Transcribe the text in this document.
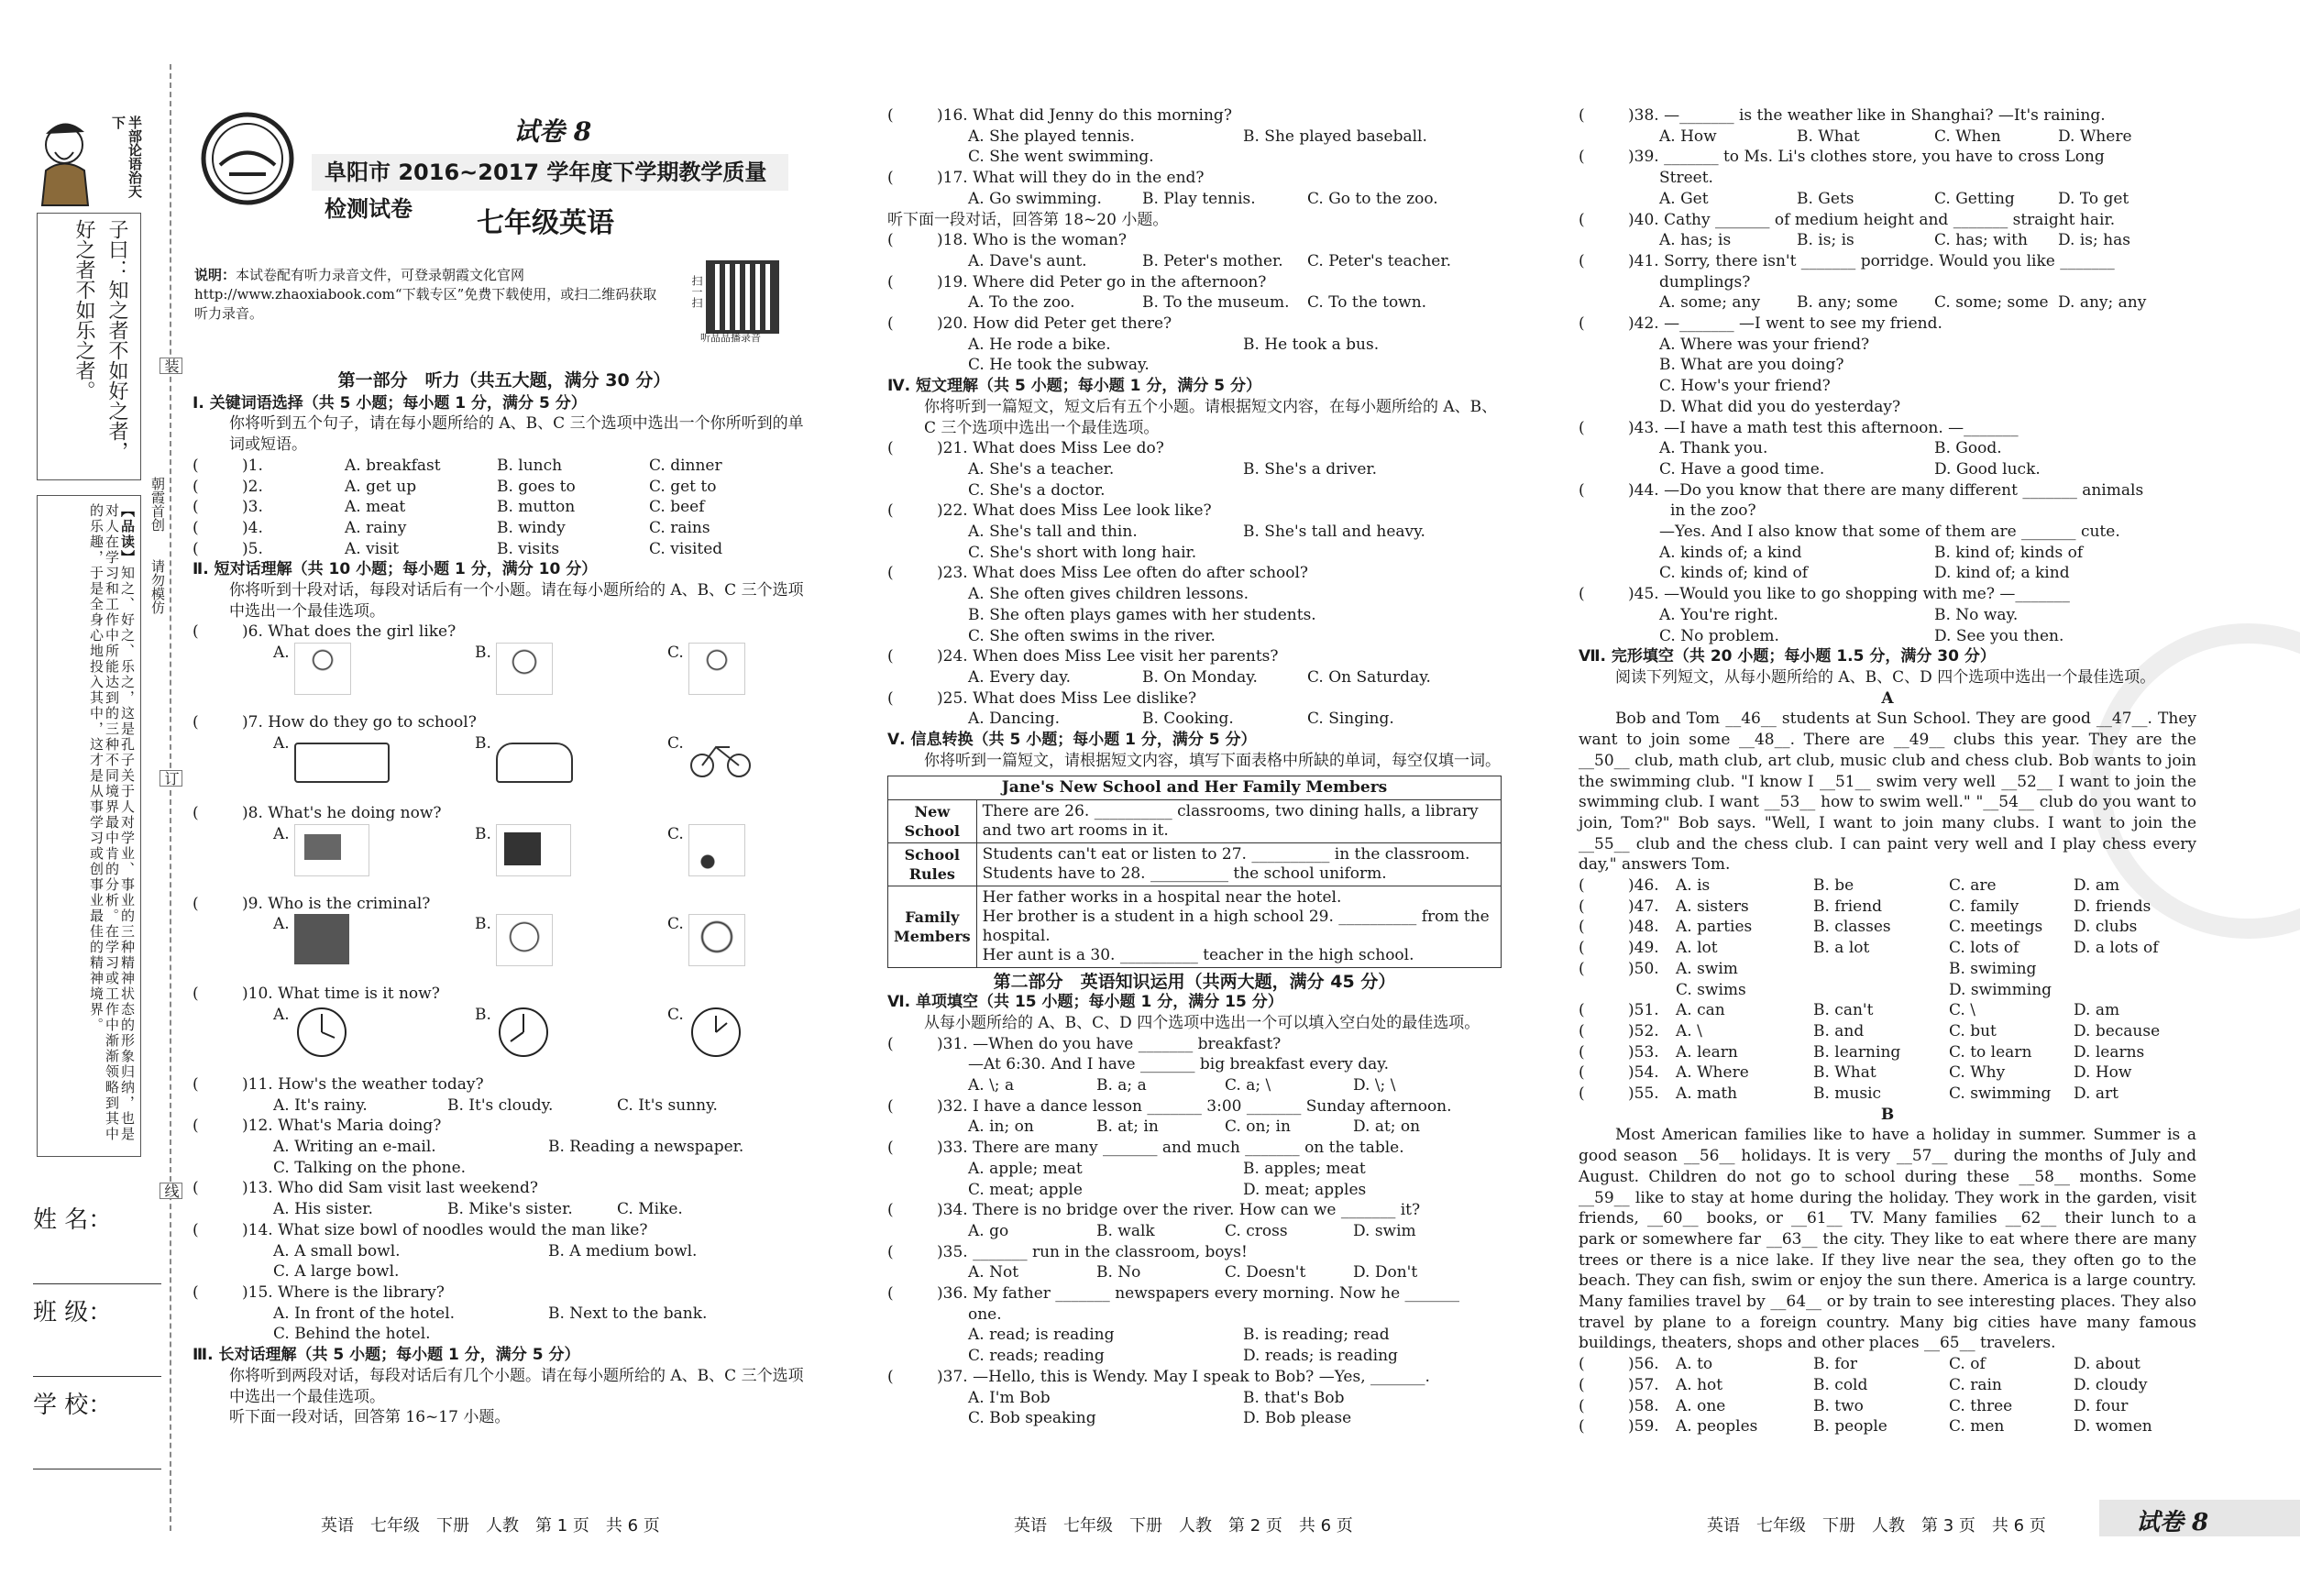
半部论语治天下
子曰：知之者不如好之者，好之者不如乐之者。
【品读】知之、好之、乐之，这是孔子关于人对学业、事业的三种精神状态的形象归纳，也是对人在学习和工作中所能达到的三种不同境界最中肯的分析。在学习或工作中渐渐领略到其中的乐趣，于是全身心地投入其中，这才是从事学习或创事业最佳的精神境界。	朝霞首创
请勿模仿
装
订
线
姓 名：
班 级：
学 校：
试卷 8
阜阳市 2016~2017 学年度下学期教学质量检测试卷	七年级英语
说明：本试卷配有听力录音文件，可登录朝霞文化官网 http://www.zhaoxiabook.com“下载专区”免费下载使用，或扫二维码获取听力录音。
扫一扫
听品品播录音

第一部分　听力（共五大题，满分 30 分）

Ⅰ. 关键词语选择（共 5 小题；每小题 1 分，满分 5 分）

你将听到五个句子，请在每小题所给的 A、B、C 三个选项中选出一个你所听到的单词或短语。

(	)1.	A. breakfast	B. lunch	C. dinner

(	)2.	A. get up	B. goes to	C. get to

(	)3.	A. meat	B. mutton	C. beef

(	)4.	A. rainy	B. windy	C. rains

(	)5.	A. visit	B. visits	C. visited

Ⅱ. 短对话理解（共 10 小题；每小题 1 分，满分 10 分）

你将听到十段对话，每段对话后有一个小题。请在每小题所给的 A、B、C 三个选项中选出一个最佳选项。

(	)6. What does the girl like?

A.	B.	C.

(	)7. How do they go to school?

A.	B.	C.

(	)8. What's he doing now?

A.	B.	C.

(	)9. Who is the criminal?

A.	B.	C.

(	)10. What time is it now?

A.	B.	C.

(	)11. How's the weather today?

A. It's rainy.	B. It's cloudy.	C. It's sunny.

(	)12. What's Maria doing?

A. Writing an e-mail.	B. Reading a newspaper.
C. Talking on the phone.

(	)13. Who did Sam visit last weekend?

A. His sister.	B. Mike's sister.	C. Mike.

(	)14. What size bowl of noodles would the man like?

A. A small bowl.	B. A medium bowl.
C. A large bowl.

(	)15. Where is the library?

A. In front of the hotel.	B. Next to the bank.
C. Behind the hotel.

Ⅲ. 长对话理解（共 5 小题；每小题 1 分，满分 5 分）

你将听到两段对话，每段对话后有几个小题。请在每小题所给的 A、B、C 三个选项中选出一个最佳选项。

听下面一段对话，回答第 16~17 小题。

(	)16. What did Jenny do this morning?

A. She played tennis.	B. She played baseball.
C. She went swimming.

(	)17. What will they do in the end?

A. Go swimming.	B. Play tennis.	C. Go to the zoo.

听下面一段对话，回答第 18~20 小题。

(	)18. Who is the woman?

A. Dave's aunt.	B. Peter's mother.	C. Peter's teacher.

(	)19. Where did Peter go in the afternoon?

A. To the zoo.	B. To the museum.	C. To the town.

(	)20. How did Peter get there?

A. He rode a bike.	B. He took a bus.
C. He took the subway.

Ⅳ. 短文理解（共 5 小题；每小题 1 分，满分 5 分）

你将听到一篇短文，短文后有五个小题。请根据短文内容，在每小题所给的 A、B、C 三个选项中选出一个最佳选项。

(	)21. What does Miss Lee do?

A. She's a teacher.	B. She's a driver.
C. She's a doctor.

(	)22. What does Miss Lee look like?

A. She's tall and thin.	B. She's tall and heavy.
C. She's short with long hair.

(	)23. What does Miss Lee often do after school?

A. She often gives children lessons.
B. She often plays games with her students.
C. She often swims in the river.

(	)24. When does Miss Lee visit her parents?

A. Every day.	B. On Monday.	C. On Saturday.

(	)25. What does Miss Lee dislike?

A. Dancing.	B. Cooking.	C. Singing.

Ⅴ. 信息转换（共 5 小题；每小题 1 分，满分 5 分）

你将听到一篇短文，请根据短文内容，填写下面表格中所缺的单词，每空仅填一词。

Jane's New School and Her Family Members	
New School	There are 26. __________ classrooms, two dining halls, a library
and two art rooms in it.

School Rules	Students can't eat or listen to 27. __________ in the classroom.
Students have to 28. __________ the school uniform.

Family Members	Her father works in a hospital near the hotel.
Her brother is a student in a high school 29. __________ from the hospital.
Her aunt is a 30. __________ teacher in the high school.

第二部分　英语知识运用（共两大题，满分 45 分）

Ⅵ. 单项填空（共 15 小题；每小题 1 分，满分 15 分）

从每小题所给的 A、B、C、D 四个选项中选出一个可以填入空白处的最佳选项。

(	)31. —When do you have _______ breakfast?

—At 6:30. And I have _______ big breakfast every day.

A. \; a	B. a; a	C. a; \	D. \; \

(	)32. I have a dance lesson _______ 3:00 _______ Sunday afternoon.

A. in; on	B. at; in	C. on; in	D. at; on

(	)33. There are many _______ and much _______ on the table.

A. apple; meat	B. apples; meat
C. meat; apple	D. meat; apples

(	)34. There is no bridge over the river. How can we _______ it?

A. go	B. walk	C. cross	D. swim

(	)35. _______ run in the classroom, boys!

A. Not	B. No	C. Doesn't	D. Don't

(	)36. My father _______ newspapers every morning. Now he _______

one.

A. read; is reading	B. is reading; read
C. reads; reading	D. reads; is reading

(	)37. —Hello, this is Wendy. May I speak to Bob? —Yes, _______.

A. I'm Bob	B. that's Bob
C. Bob speaking	D. Bob please

(	)38. —_______ is the weather like in Shanghai? —It's raining.

A. How	B. What	C. When	D. Where

(	)39. _______ to Ms. Li's clothes store, you have to cross Long

Street.

A. Get	B. Gets	C. Getting	D. To get

(	)40. Cathy _______ of medium height and _______ straight hair.

A. has; is	B. is; is	C. has; with	D. is; has

(	)41. Sorry, there isn't _______ porridge. Would you like _______

dumplings?

A. some; any	B. any; some	C. some; some D. any; any

(	)42. —_______ —I went to see my friend.

A. Where was your friend?
B. What are you doing?
C. How's your friend?
D. What did you do yesterday?

(	)43. —I have a math test this afternoon. —_______

A. Thank you.	B. Good.
C. Have a good time.	D. Good luck.

(	)44. —Do you know that there are many different _______ animals

in the zoo?

—Yes. And I also know that some of them are _______ cute.

A. kinds of; a kind	B. kind of; kinds of
C. kinds of; kind of	D. kind of; a kind

(	)45. —Would you like to go shopping with me? —_______

A. You're right.	B. No way.
C. No problem.	D. See you then.

Ⅶ. 完形填空（共 20 小题；每小题 1.5 分，满分 30 分）

阅读下列短文，从每小题所给的 A、B、C、D 四个选项中选出一个最佳选项。

A

Bob and Tom __46__ students at Sun School. They are good __47__. They want to join some __48__. There are __49__ clubs this year. They are the __50__ club, math club, art club, music club and chess club. Bob wants to join the swimming club. "I know I __51__ swim very well __52__ I want to join the swimming club. I want __53__ how to swim well." "__54__ club do you want to join, Tom?" Bob says. "Well, I want to join many clubs. I want to join the __55__ club and the chess club. I can paint very well and I play chess every day," answers Tom.

(	)46.	A. is	B. be	C. are	D. am
(	)47.	A. sisters	B. friend	C. family	D. friends
(	)48.	A. parties	B. classes	C. meetings	D. clubs
(	)49.	A. lot	B. a lot	C. lots of	D. a lots of
(	)50.	A. swim	B. swiming
C. swims	D. swimming
(	)51.	A. can	B. can't	C. \	D. am
(	)52.	A. \	B. and	C. but	D. because
(	)53.	A. learn	B. learning	C. to learn	D. learns
(	)54.	A. Where	B. What	C. Why	D. How
(	)55.	A. math	B. music	C. swimming	D. art

B

Most American families like to have a holiday in summer. Summer is a good season __56__ holidays. It is very __57__ during the months of July and August. Children do not go to school during these __58__ months. Some __59__ like to stay at home during the holiday. They work in the garden, visit friends, __60__ books, or __61__ TV. Many families __62__ their lunch to a park or somewhere far __63__ the city. They like to eat where there are many trees or there is a nice lake. If they live near the sea, they often go to the beach. They can fish, swim or enjoy the sun there. America is a large country. Many families travel by __64__ or by train to see interesting places. They also travel by plane to a foreign country. Many big cities have many famous buildings, theaters, shops and other places __65__ travelers.

(	)56.	A. to	B. for	C. of	D. about
(	)57.	A. hot	B. cold	C. rain	D. cloudy
(	)58.	A. one	B. two	C. three	D. four
(	)59.	A. peoples	B. people	C. men	D. women
英语　七年级　下册　人教　第 1 页　共 6 页	英语　七年级　下册　人教　第 2 页　共 6 页	英语　七年级　下册　人教　第 3 页　共 6 页	试卷 8
